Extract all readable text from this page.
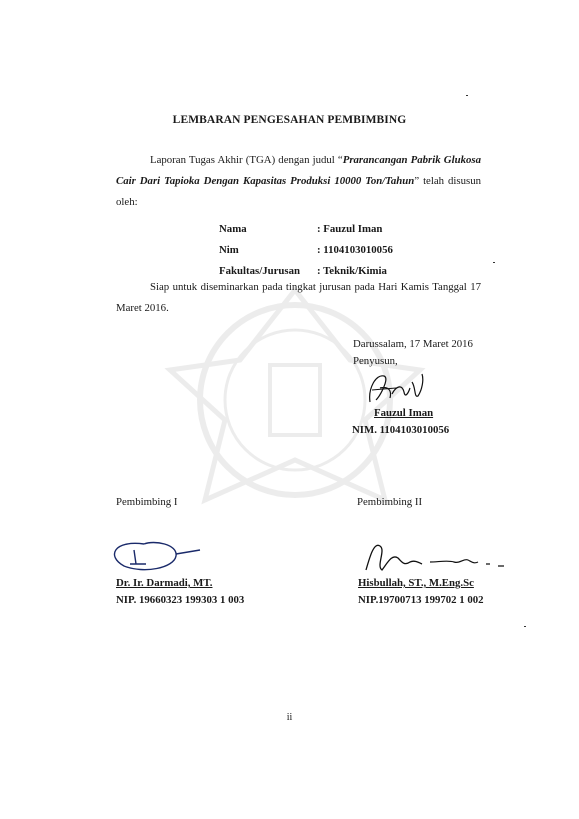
LEMBARAN PENGESAHAN PEMBIMBING
Laporan Tugas Akhir (TGA) dengan judul “Prarancangan Pabrik Glukosa Cair Dari Tapioka Dengan Kapasitas Produksi 10000 Ton/Tahun” telah disusun oleh:
Nama	: Fauzul Iman
Nim	: 1104103010056
Fakultas/Jurusan	: Teknik/Kimia
Siap untuk diseminarkan pada tingkat jurusan pada Hari Kamis Tanggal 17 Maret 2016.
Darussalam, 17 Maret 2016
Penyusun,
Fauzul Iman
NIM. 1104103010056
Pembimbing I
Dr. Ir. Darmadi, MT.
NIP. 19660323 199303 1 003
Pembimbing II
Hisbullah, ST., M.Eng.Sc
NIP.19700713 199702 1 002
ii
